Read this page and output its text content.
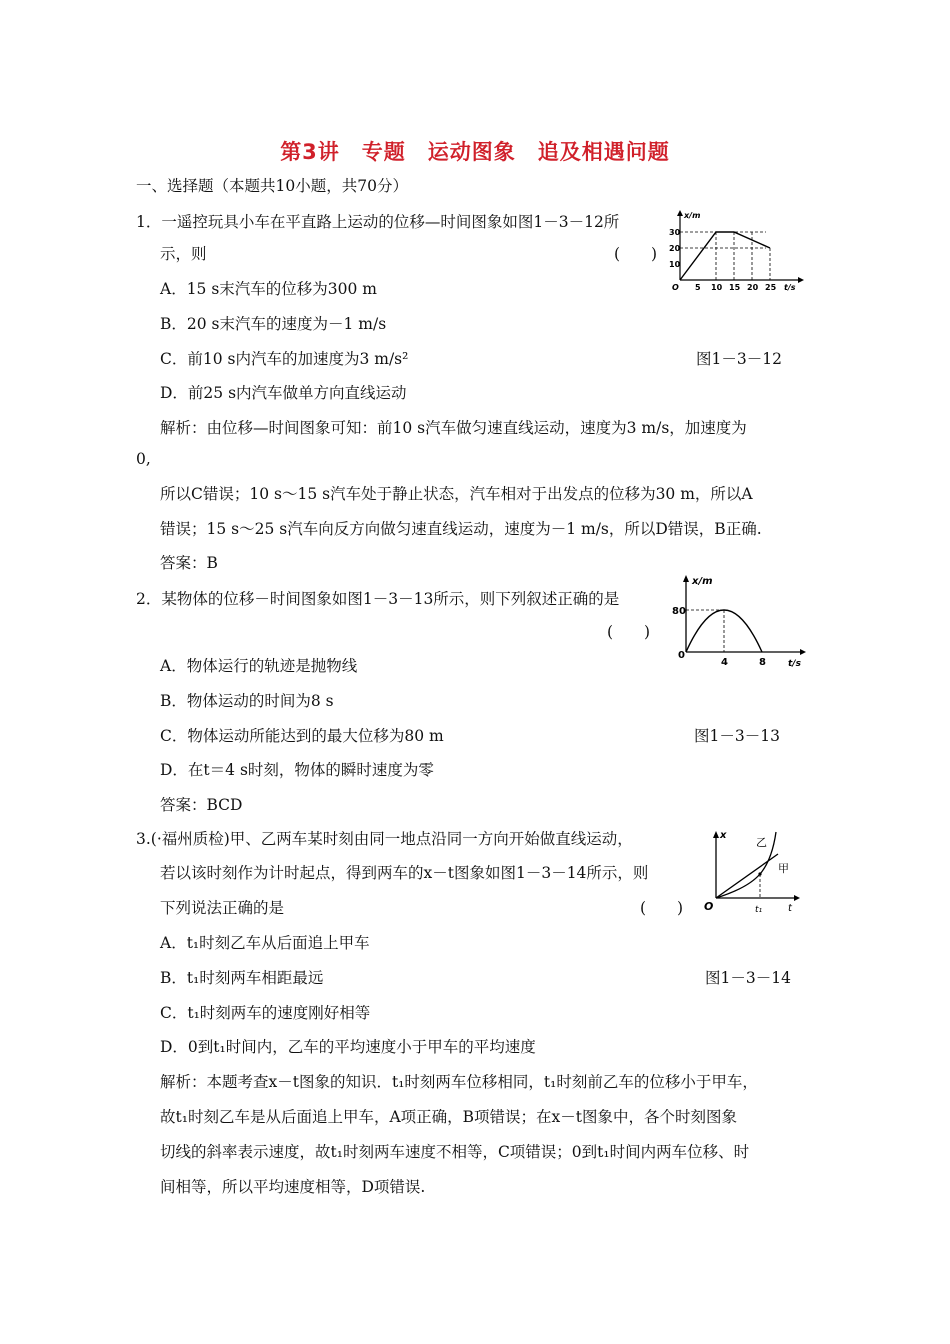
第3讲　专题　运动图象　追及相遇问题
一、选择题（本题共10小题，共70分）
1．一遥控玩具小车在平直路上运动的位移—时间图象如图1－3－12所
示，则	(　　)
A．15 s末汽车的位移为300 m
B．20 s末汽车的速度为－1 m/s
C．前10 s内汽车的加速度为3 m/s²	图1－3－12
D．前25 s内汽车做单方向直线运动
解析：由位移—时间图象可知：前10 s汽车做匀速直线运动，速度为3 m/s，加速度为
0,
所以C错误；10 s～15 s汽车处于静止状态，汽车相对于出发点的位移为30 m，所以A
错误；15 s～25 s汽车向反方向做匀速直线运动，速度为－1 m/s，所以D错误，B正确.
答案：B
x/m
t/s
O
30
20
10
5 10 15 20 25
2．某物体的位移－时间图象如图1－3－13所示，则下列叙述正确的是
(　　)
A．物体运行的轨迹是抛物线
B．物体运动的时间为8 s
C．物体运动所能达到的最大位移为80 m	图1－3－13
D．在t＝4 s时刻，物体的瞬时速度为零
答案：BCD
x/m
t/s
0
80
4	8
3.(·福州质检)甲、乙两车某时刻由同一地点沿同一方向开始做直线运动，
若以该时刻作为计时起点，得到两车的x－t图象如图1－3－14所示，则
下列说法正确的是	(　　)
A．t₁时刻乙车从后面追上甲车
B．t₁时刻两车相距最远	图1－3－14
C．t₁时刻两车的速度刚好相等
D．0到t₁时间内，乙车的平均速度小于甲车的平均速度
解析：本题考查x－t图象的知识．t₁时刻两车位移相同，t₁时刻前乙车的位移小于甲车，
故t₁时刻乙车是从后面追上甲车，A项正确，B项错误；在x－t图象中，各个时刻图象
切线的斜率表示速度，故t₁时刻两车速度不相等，C项错误；0到t₁时间内两车位移、时
间相等，所以平均速度相等，D项错误.
x
t
O	t₁
乙
甲
